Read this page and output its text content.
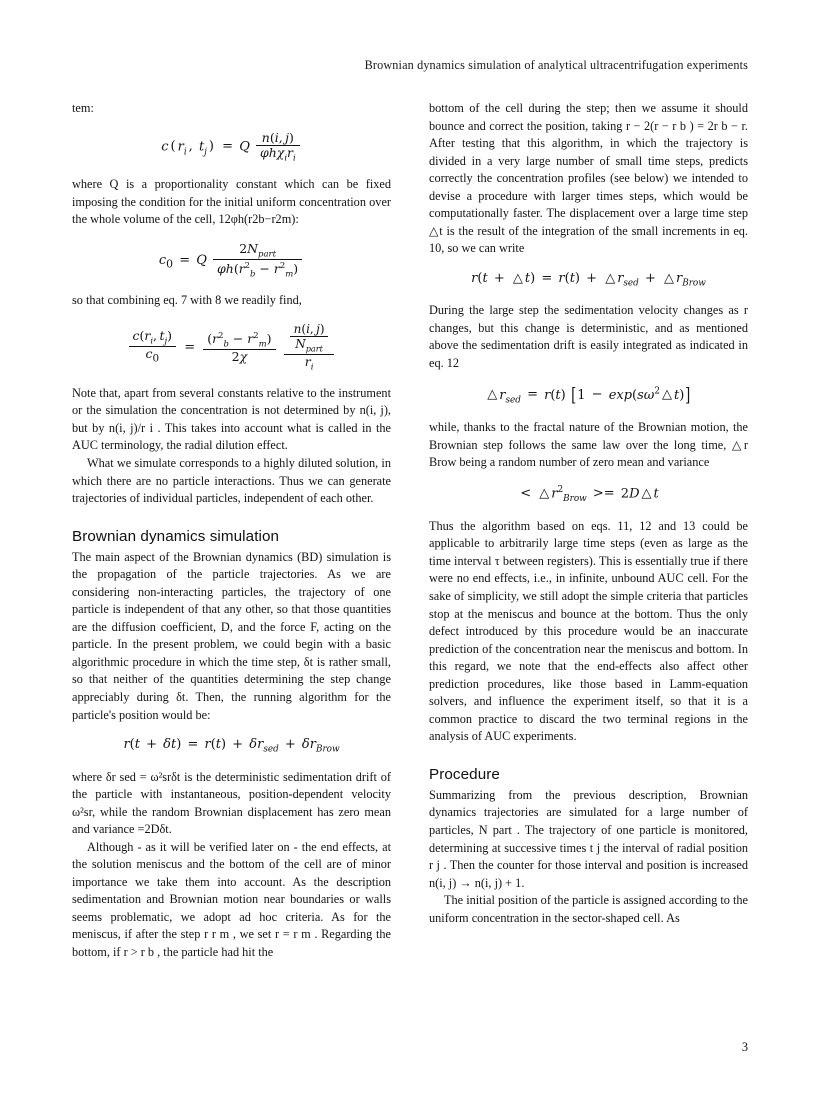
Brownian dynamics simulation of analytical ultracentrifugation experiments

tem:

c ( $r_i$ , $t_j$ ) = Q $\frac{n(i, j)}{\varphi h\chi_ir_i}$

where Q is a proportionality constant which can be fixed imposing the condition for the initial uniform concentration over the whole volume of the cell, 12φh(r2b−r2m):

$c_0 = Q \frac{2N_{part}}{\varphi h(r^2_b - r^2_m)}$

so that combining eq. 7 with 8 we readily find,

$\frac{c(r_i, t_j)}{c_0} = \frac{(r^2_b - r^2_m)}{2\chi}$
$\frac{\frac{n(i, j)}{N_{part}}}{r_i}$

Note that, apart from several constants relative to the instrument or the simulation the concentration is not determined by n(i, j), but by n(i, j)/r i . This takes into account what is called in the AUC terminology, the radial dilution effect.

What we simulate corresponds to a highly diluted solution, in which there are no particle interactions. Thus we can generate trajectories of individual particles, independent of each other.

Brownian dynamics simulation

The main aspect of the Brownian dynamics (BD) simulation is the propagation of the particle trajectories. As we are considering non-interacting particles, the trajectory of one particle is independent of that any other, so that those quantities are the diffusion coefficient, D, and the force F, acting on the particle. In the present problem, we could begin with a basic algorithmic procedure in which the time step, δt is rather small, so that neither of the quantities determining the step change appreciably during δt. Then, the running algorithm for the particle's position would be:

$r(t + \delta t) = r(t) + \delta r_{sed} + \delta r_{Brow}$

where δr sed = ω²srδt is the deterministic sedimentation drift of the particle with instantaneous, position-dependent velocity ω²sr, while the random Brownian displacement has zero mean and variance =2Dδt.

Although - as it will be verified later on - the end effects, at the solution meniscus and the bottom of the cell are of minor importance we take them into account. As the description sedimentation and Brownian motion near boundaries or walls seems problematic, we adopt ad hoc criteria. As for the meniscus, if after the step r r m , we set r = r m . Regarding the bottom, if r > r b , the particle had hit the

bottom of the cell during the step; then we assume it should bounce and correct the position, taking r − 2(r − r b ) = 2r b − r. After testing that this algorithm, in which the trajectory is divided in a very large number of small time steps, predicts correctly the concentration profiles (see below) we intended to devise a procedure with larger times steps, which would be computationally faster. The displacement over a large time step △t is the result of the integration of the small increments in eq. 10, so we can write

r(t + △ t) = r(t) + △ $r_{sed}$ + △ $r_{Brow}$

During the large step the sedimentation velocity changes as r changes, but this change is deterministic, and as mentioned above the sedimentation drift is easily integrated as indicated in eq. 12

△ $r_{sed} = r(t) [1 - \exp(s\omega^2$ △ t)]

while, thanks to the fractal nature of the Brownian motion, the Brownian step follows the same law over the long time, △r Brow being a random number of zero mean and variance

< △ $r^2_{Brow} >= 2D$ △ t

Thus the algorithm based on eqs. 11, 12 and 13 could be applicable to arbitrarily large time steps (even as large as the time interval τ between registers). This is essentially true if there were no end effects, i.e., in infinite, unbound AUC cell. For the sake of simplicity, we still adopt the simple criteria that particles stop at the meniscus and bounce at the bottom. Thus the only defect introduced by this procedure would be an inaccurate prediction of the concentration near the meniscus and bottom. In this regard, we note that the end-effects also affect other prediction procedures, like those based in Lamm-equation solvers, and influence the experiment itself, so that it is a common practice to discard the two terminal regions in the analysis of AUC experiments.

Procedure

Summarizing from the previous description, Brownian dynamics trajectories are simulated for a large number of particles, N part . The trajectory of one particle is monitored, determining at successive times t j the interval of radial position r j . Then the counter for those interval and position is increased n(i, j) → n(i, j) + 1.

The initial position of the particle is assigned according to the uniform concentration in the sector-shaped cell. As

3
